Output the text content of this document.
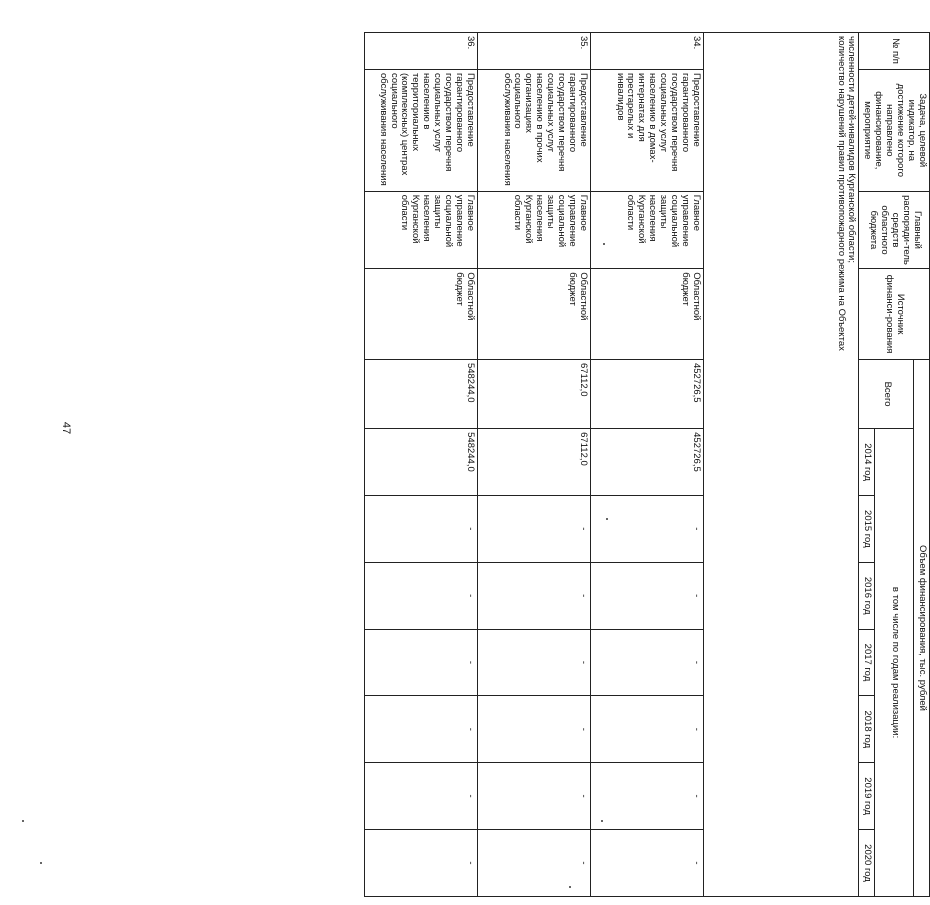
47
№ п/п	Задача, целевой индикатор, на достижение которого направлено финансирование, мероприятие	Главный распоряди-тель средств областного бюджета	Источник финанси-рования	Объем финансирования, тыс. рублей							
				Всего	в том числе по годам реализации:						
					2014 год	2015 год	2016 год	2017 год	2018 год	2019 год	2020 год

численности детей-инвалидов Курганской области;
количество нарушений правил противопожарного режима на Объектах											

34.	Предоставление гарантированного государством перечня социальных услуг населению в домах-интернатах для престарелых и инвалидов	Главное управление социальной защиты населения Курганской области	Областной бюджет	452726,5	452726,5	-	-	-	-	-	-
35.	Предоставление гарантированного государством перечня социальных услуг населению в прочих организациях социального обслуживания населения	Главное управление социальной защиты населения Курганской области	Областной бюджет	67112,0	67112,0	-	-	-	-	-	-
36.	Предоставление гарантированного государством перечня социальных услуг населению в территориальных (комплексных) центрах социального обслуживания населения	Главное управление социальной защиты населения Курганской области	Областной бюджет	548244,0	548244,0	-	-	-	-	-	-
